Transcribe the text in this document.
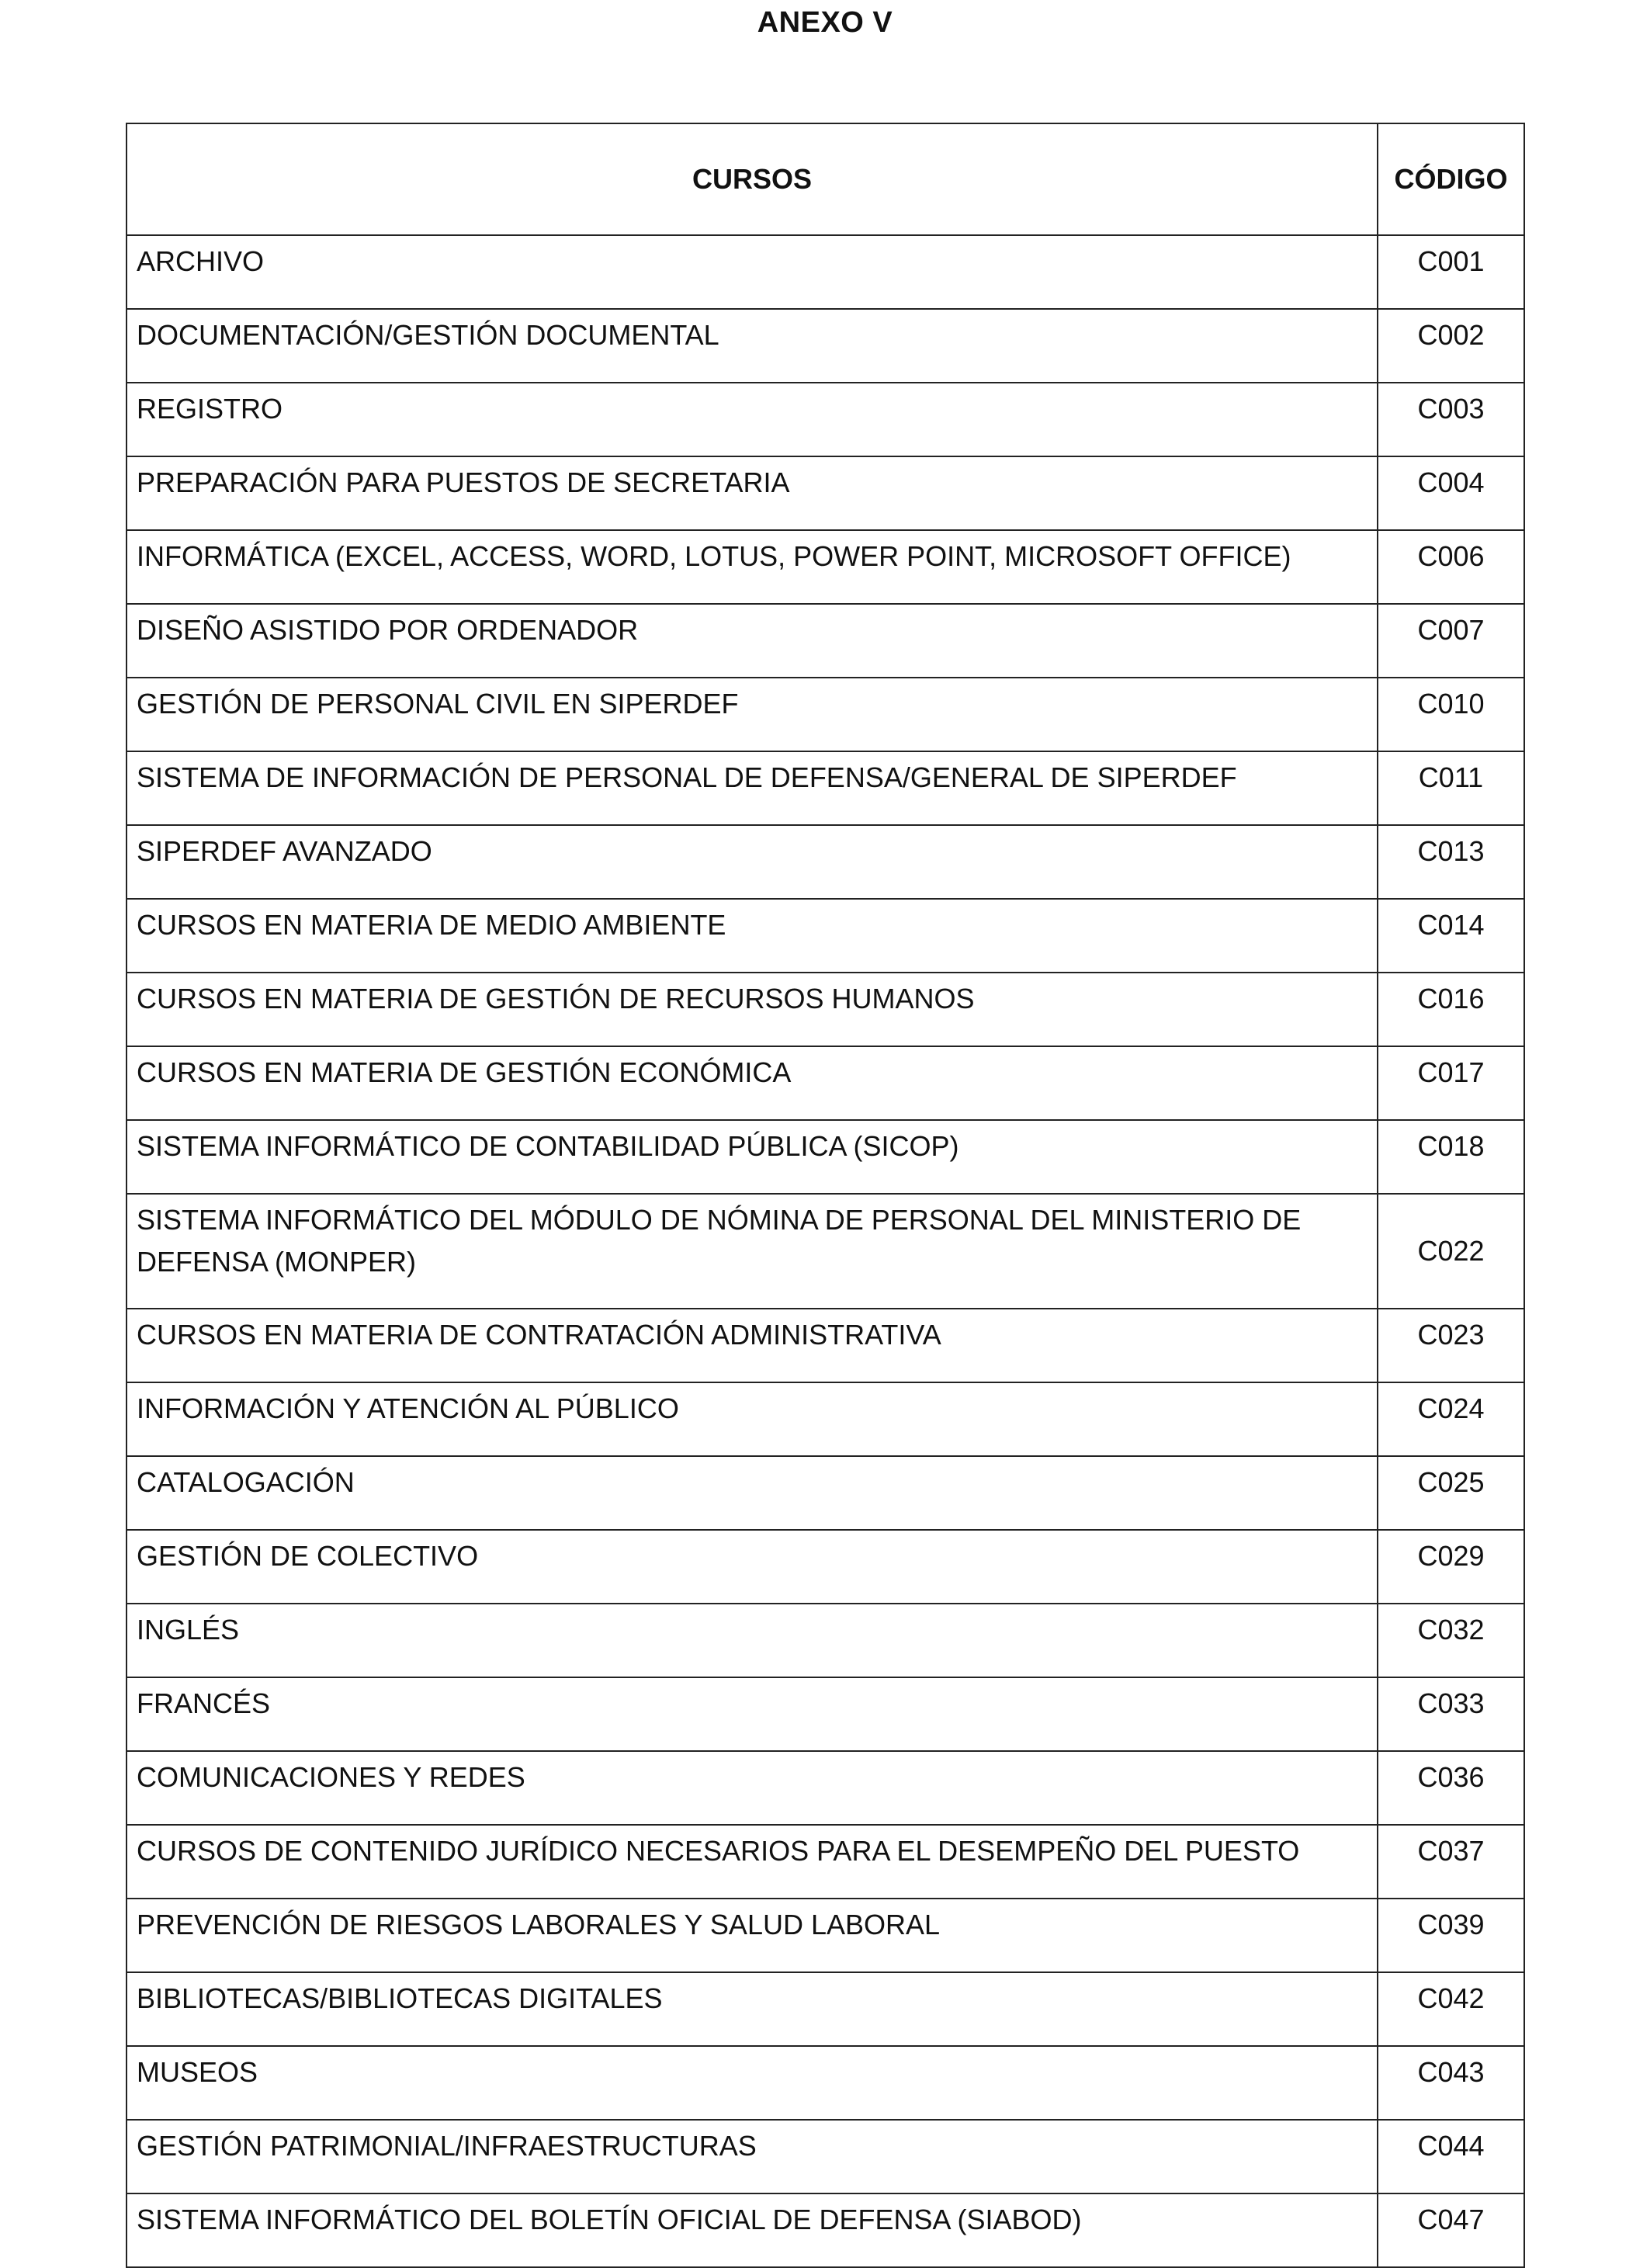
ANEXO V
CURSOS	CÓDIGO
ARCHIVO	C001
DOCUMENTACIÓN/GESTIÓN DOCUMENTAL	C002
REGISTRO	C003
PREPARACIÓN PARA PUESTOS DE SECRETARIA	C004
INFORMÁTICA (EXCEL, ACCESS, WORD, LOTUS, POWER POINT, MICROSOFT OFFICE)	C006
DISEÑO ASISTIDO POR ORDENADOR	C007
GESTIÓN DE PERSONAL CIVIL EN SIPERDEF	C010
SISTEMA DE INFORMACIÓN DE PERSONAL DE DEFENSA/GENERAL DE SIPERDEF	C011
SIPERDEF AVANZADO	C013
CURSOS EN MATERIA DE MEDIO AMBIENTE	C014
CURSOS EN MATERIA DE GESTIÓN DE RECURSOS HUMANOS	C016
CURSOS EN MATERIA DE GESTIÓN ECONÓMICA	C017
SISTEMA INFORMÁTICO DE CONTABILIDAD PÚBLICA (SICOP)	C018
SISTEMA INFORMÁTICO DEL MÓDULO DE NÓMINA DE PERSONAL DEL MINISTERIO DE DEFENSA (MONPER)	C022
CURSOS EN MATERIA DE CONTRATACIÓN ADMINISTRATIVA	C023
INFORMACIÓN Y ATENCIÓN AL PÚBLICO	C024
CATALOGACIÓN	C025
GESTIÓN DE COLECTIVO	C029
INGLÉS	C032
FRANCÉS	C033
COMUNICACIONES Y REDES	C036
CURSOS DE CONTENIDO JURÍDICO NECESARIOS PARA EL DESEMPEÑO DEL PUESTO	C037
PREVENCIÓN DE RIESGOS LABORALES Y SALUD LABORAL	C039
BIBLIOTECAS/BIBLIOTECAS DIGITALES	C042
MUSEOS	C043
GESTIÓN PATRIMONIAL/INFRAESTRUCTURAS	C044
SISTEMA INFORMÁTICO DEL BOLETÍN OFICIAL DE DEFENSA (SIABOD)	C047
